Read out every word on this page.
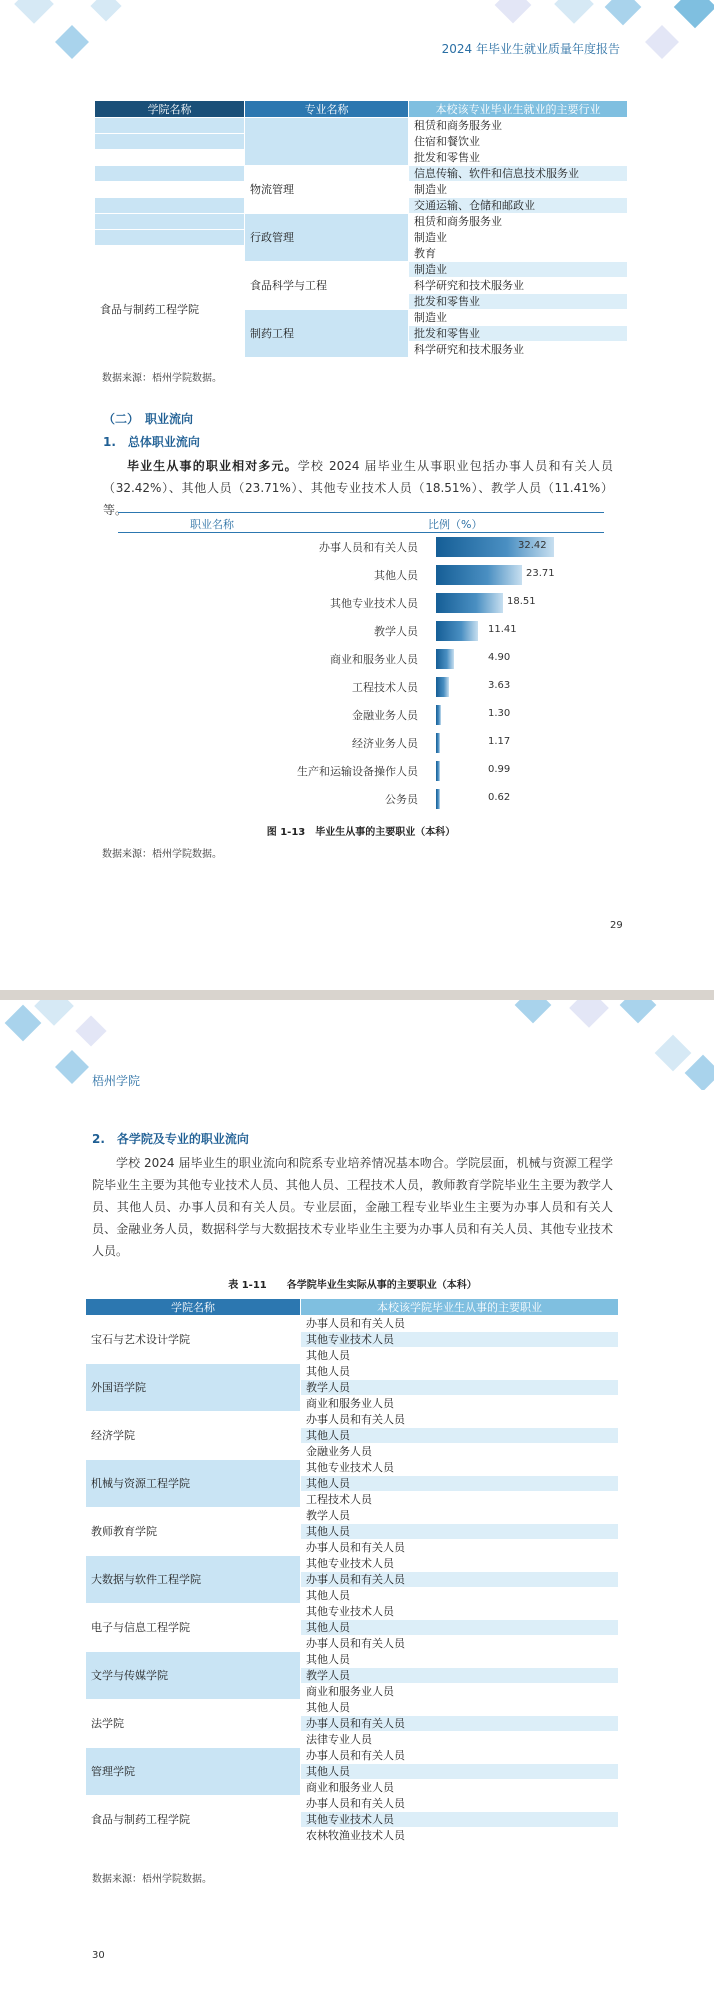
2024 年毕业生就业质量年度报告
学院名称	专业名称	本校该专业毕业生就业的主要行业
		租赁和商务服务业
		住宿和餐饮业
		批发和零售业
	物流管理	信息传输、软件和信息技术服务业
		制造业
		交通运输、仓储和邮政业
	行政管理	租赁和商务服务业
		制造业
		教育
食品与制药工程学院	食品科学与工程	制造业
		科学研究和技术服务业
		批发和零售业
	制药工程	制造业
		批发和零售业
		科学研究和技术服务业
数据来源：梧州学院数据。
（二）　职业流向
1.　总体职业流向
毕业生从事的职业相对多元。学校 2024 届毕业生从事职业包括办事人员和有关人员（32.42%）、其他人员（23.71%）、其他专业技术人员（18.51%）、教学人员（11.41%）等。
职业名称	比例（%）
办事人员和有关人员	32.42
其他人员	23.71
其他专业技术人员	18.51
教学人员	11.41
商业和服务业人员	4.90
工程技术人员	3.63
金融业务人员	1.30
经济业务人员	1.17
生产和运输设备操作人员	0.99
公务员	0.62
图 1-13　毕业生从事的主要职业（本科）
数据来源：梧州学院数据。
29
梧州学院
2.　各学院及专业的职业流向
学校 2024 届毕业生的职业流向和院系专业培养情况基本吻合。学院层面，机械与资源工程学院毕业生主要为其他专业技术人员、其他人员、工程技术人员，教师教育学院毕业生主要为教学人员、其他人员、办事人员和有关人员。专业层面，金融工程专业毕业生主要为办事人员和有关人员、金融业务人员，数据科学与大数据技术专业毕业生主要为办事人员和有关人员、其他专业技术人员。
表 1-11　　各学院毕业生实际从事的主要职业（本科）
学院名称	本校该学院毕业生从事的主要职业
宝石与艺术设计学院	办事人员和有关人员
	其他专业技术人员
	其他人员
外国语学院	其他人员
	教学人员
	商业和服务业人员
经济学院	办事人员和有关人员
	其他人员
	金融业务人员
机械与资源工程学院	其他专业技术人员
	其他人员
	工程技术人员
教师教育学院	教学人员
	其他人员
	办事人员和有关人员
大数据与软件工程学院	其他专业技术人员
	办事人员和有关人员
	其他人员
电子与信息工程学院	其他专业技术人员
	其他人员
	办事人员和有关人员
文学与传媒学院	其他人员
	教学人员
	商业和服务业人员
法学院	其他人员
	办事人员和有关人员
	法律专业人员
管理学院	办事人员和有关人员
	其他人员
	商业和服务业人员
食品与制药工程学院	办事人员和有关人员
	其他专业技术人员
	农林牧渔业技术人员
数据来源：梧州学院数据。
30
